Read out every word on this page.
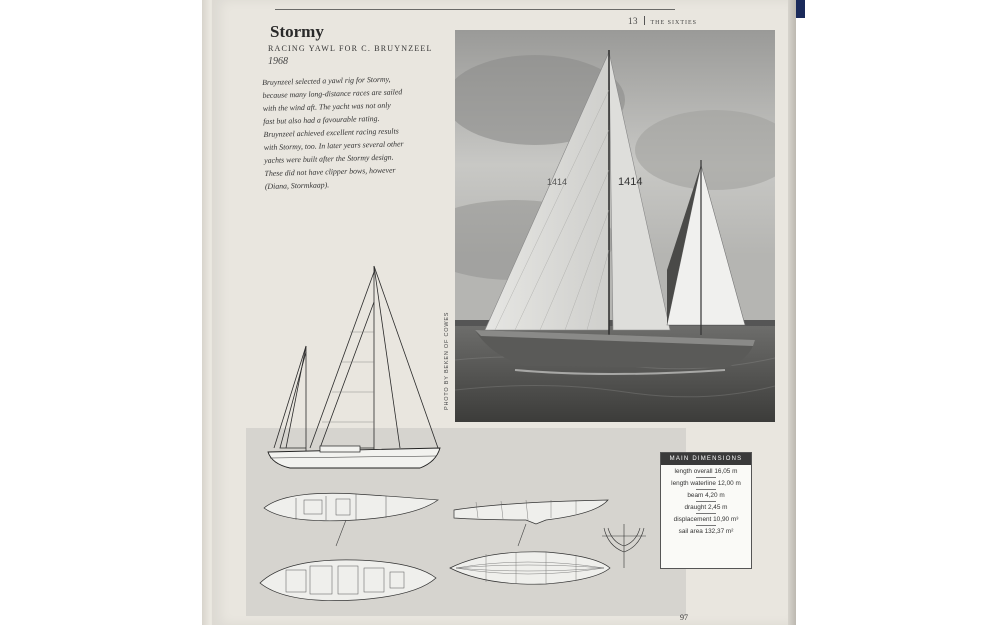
13 THE SIXTIES
Stormy
RACING YAWL FOR C. BRUYNZEEL
1968
Bruynzeel selected a yawl rig for Stormy,
because many long-distance races are sailed
with the wind aft. The yacht was not only
fast but also had a favourable rating.
Bruynzeel achieved excellent racing results
with Stormy, too. In later years several other
yachts were built after the Stormy design.
These did not have clipper bows, however
(Diana, Stormkaap).	1414
1414
PHOTO BY BEKEN OF COWES
MAIN DIMENSIONS
length overall 16,05 m
length waterline 12,00 m
beam 4,20 m
draught 2,45 m
displacement 10,90 m³
sail area 132,37 m²
97
